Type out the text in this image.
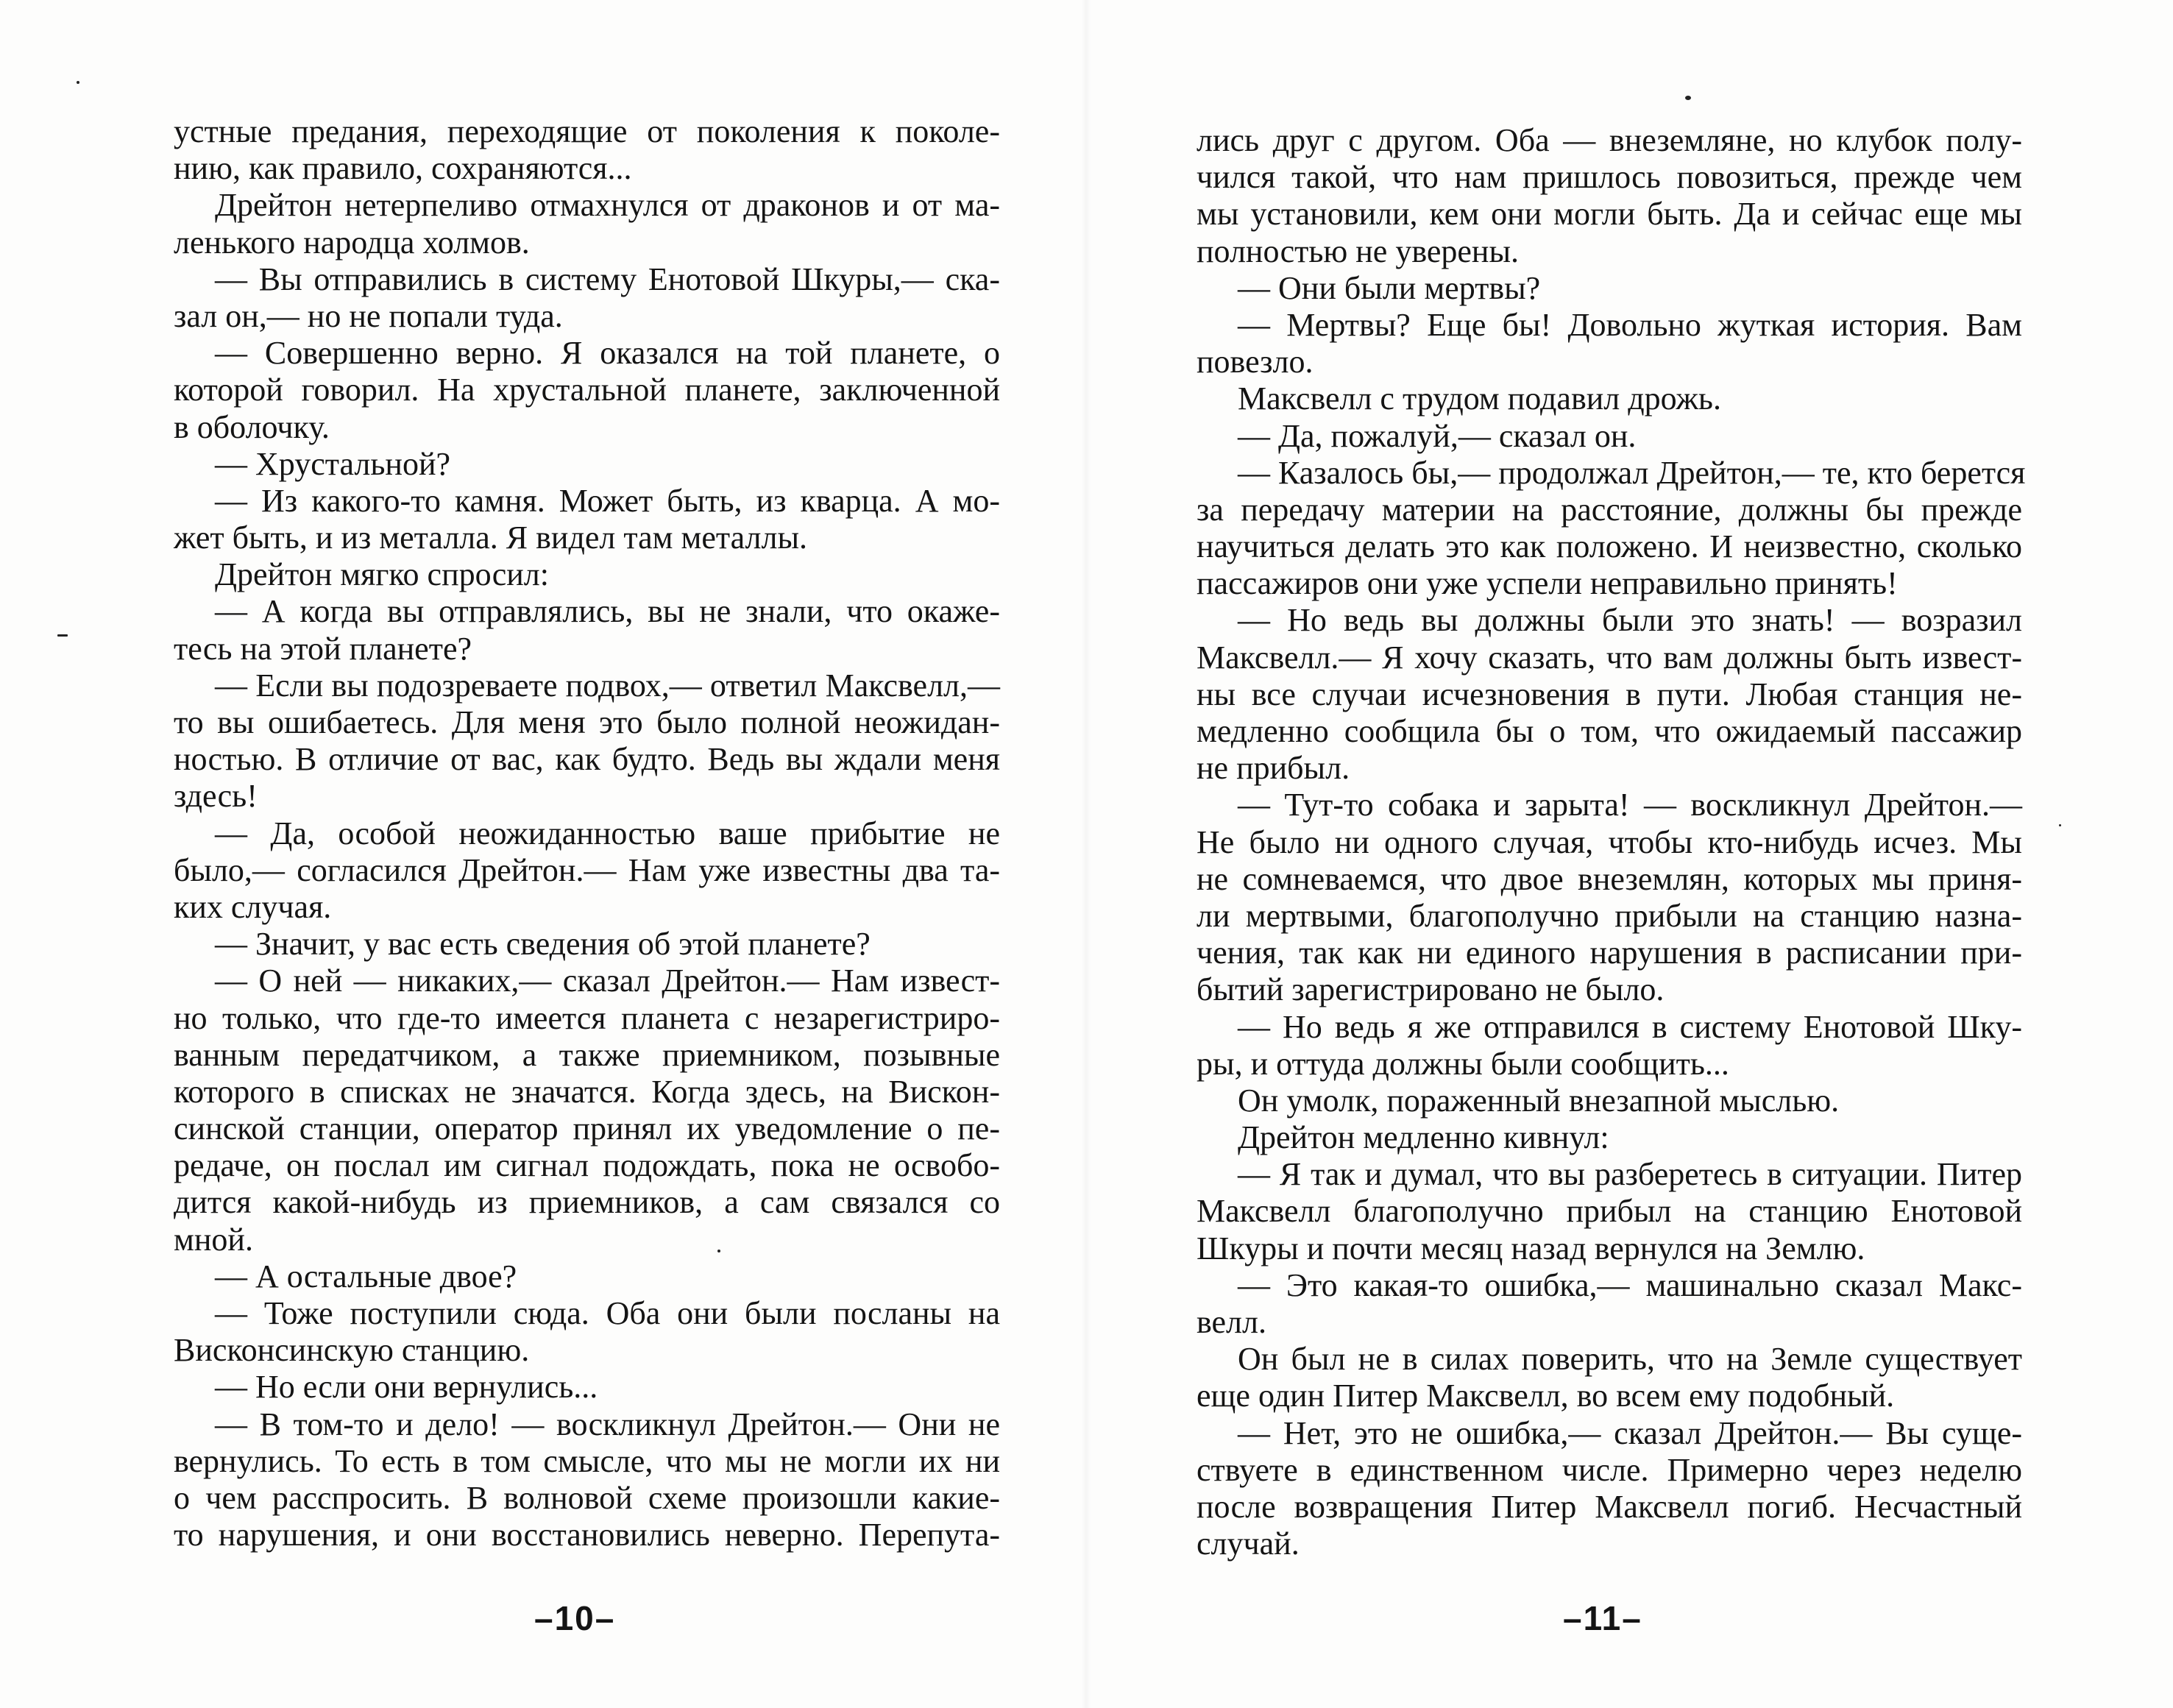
устные предания, переходящие от поколения к поколе-
нию, как правило, сохраняются...
Дрейтон нетерпеливо отмахнулся от драконов и от ма-
ленького народца холмов.
— Вы отправились в систему Енотовой Шкуры,— ска-
зал он,— но не попали туда.
— Совершенно верно. Я оказался на той планете, о
которой говорил. На хрустальной планете, заключенной
в оболочку.
— Хрустальной?
— Из какого-то камня. Может быть, из кварца. А мо-
жет быть, и из металла. Я видел там металлы.
Дрейтон мягко спросил:
— А когда вы отправлялись, вы не знали, что окаже-
тесь на этой планете?
— Если вы подозреваете подвох,— ответил Максвелл,—
то вы ошибаетесь. Для меня это было полной неожидан-
ностью. В отличие от вас, как будто. Ведь вы ждали меня
здесь!
— Да, особой неожиданностью ваше прибытие не
было,— согласился Дрейтон.— Нам уже известны два та-
ких случая.
— Значит, у вас есть сведения об этой планете?
— О ней — никаких,— сказал Дрейтон.— Нам извест-
но только, что где-то имеется планета с незарегистриро-
ванным передатчиком, а также приемником, позывные
которого в списках не значатся. Когда здесь, на Вискон-
синской станции, оператор принял их уведомление о пе-
редаче, он послал им сигнал подождать, пока не освобо-
дится какой-нибудь из приемников, а сам связался со
мной.
— А остальные двое?
— Тоже поступили сюда. Оба они были посланы на
Висконсинскую станцию.
— Но если они вернулись...
— В том-то и дело! — воскликнул Дрейтон.— Они не
вернулись. То есть в том смысле, что мы не могли их ни
о чем расспросить. В волновой схеме произошли какие-
то нарушения, и они восстановились неверно. Перепута-
–10–
лись друг с другом. Оба — внеземляне, но клубок полу-
чился такой, что нам пришлось повозиться, прежде чем
мы установили, кем они могли быть. Да и сейчас еще мы
полностью не уверены.
— Они были мертвы?
— Мертвы? Еще бы! Довольно жуткая история. Вам
повезло.
Максвелл с трудом подавил дрожь.
— Да, пожалуй,— сказал он.
— Казалось бы,— продолжал Дрейтон,— те, кто берется
за передачу материи на расстояние, должны бы прежде
научиться делать это как положено. И неизвестно, сколько
пассажиров они уже успели неправильно принять!
— Но ведь вы должны были это знать! — возразил
Максвелл.— Я хочу сказать, что вам должны быть извест-
ны все случаи исчезновения в пути. Любая станция не-
медленно сообщила бы о том, что ожидаемый пассажир
не прибыл.
— Тут-то собака и зарыта! — воскликнул Дрейтон.—
Не было ни одного случая, чтобы кто-нибудь исчез. Мы
не сомневаемся, что двое внеземлян, которых мы приня-
ли мертвыми, благополучно прибыли на станцию назна-
чения, так как ни единого нарушения в расписании при-
бытий зарегистрировано не было.
— Но ведь я же отправился в систему Енотовой Шку-
ры, и оттуда должны были сообщить...
Он умолк, пораженный внезапной мыслью.
Дрейтон медленно кивнул:
— Я так и думал, что вы разберетесь в ситуации. Питер
Максвелл благополучно прибыл на станцию Енотовой
Шкуры и почти месяц назад вернулся на Землю.
— Это какая-то ошибка,— машинально сказал Макс-
велл.
Он был не в силах поверить, что на Земле существует
еще один Питер Максвелл, во всем ему подобный.
— Нет, это не ошибка,— сказал Дрейтон.— Вы суще-
ствуете в единственном числе. Примерно через неделю
после возвращения Питер Максвелл погиб. Несчастный
случай.
–11–
